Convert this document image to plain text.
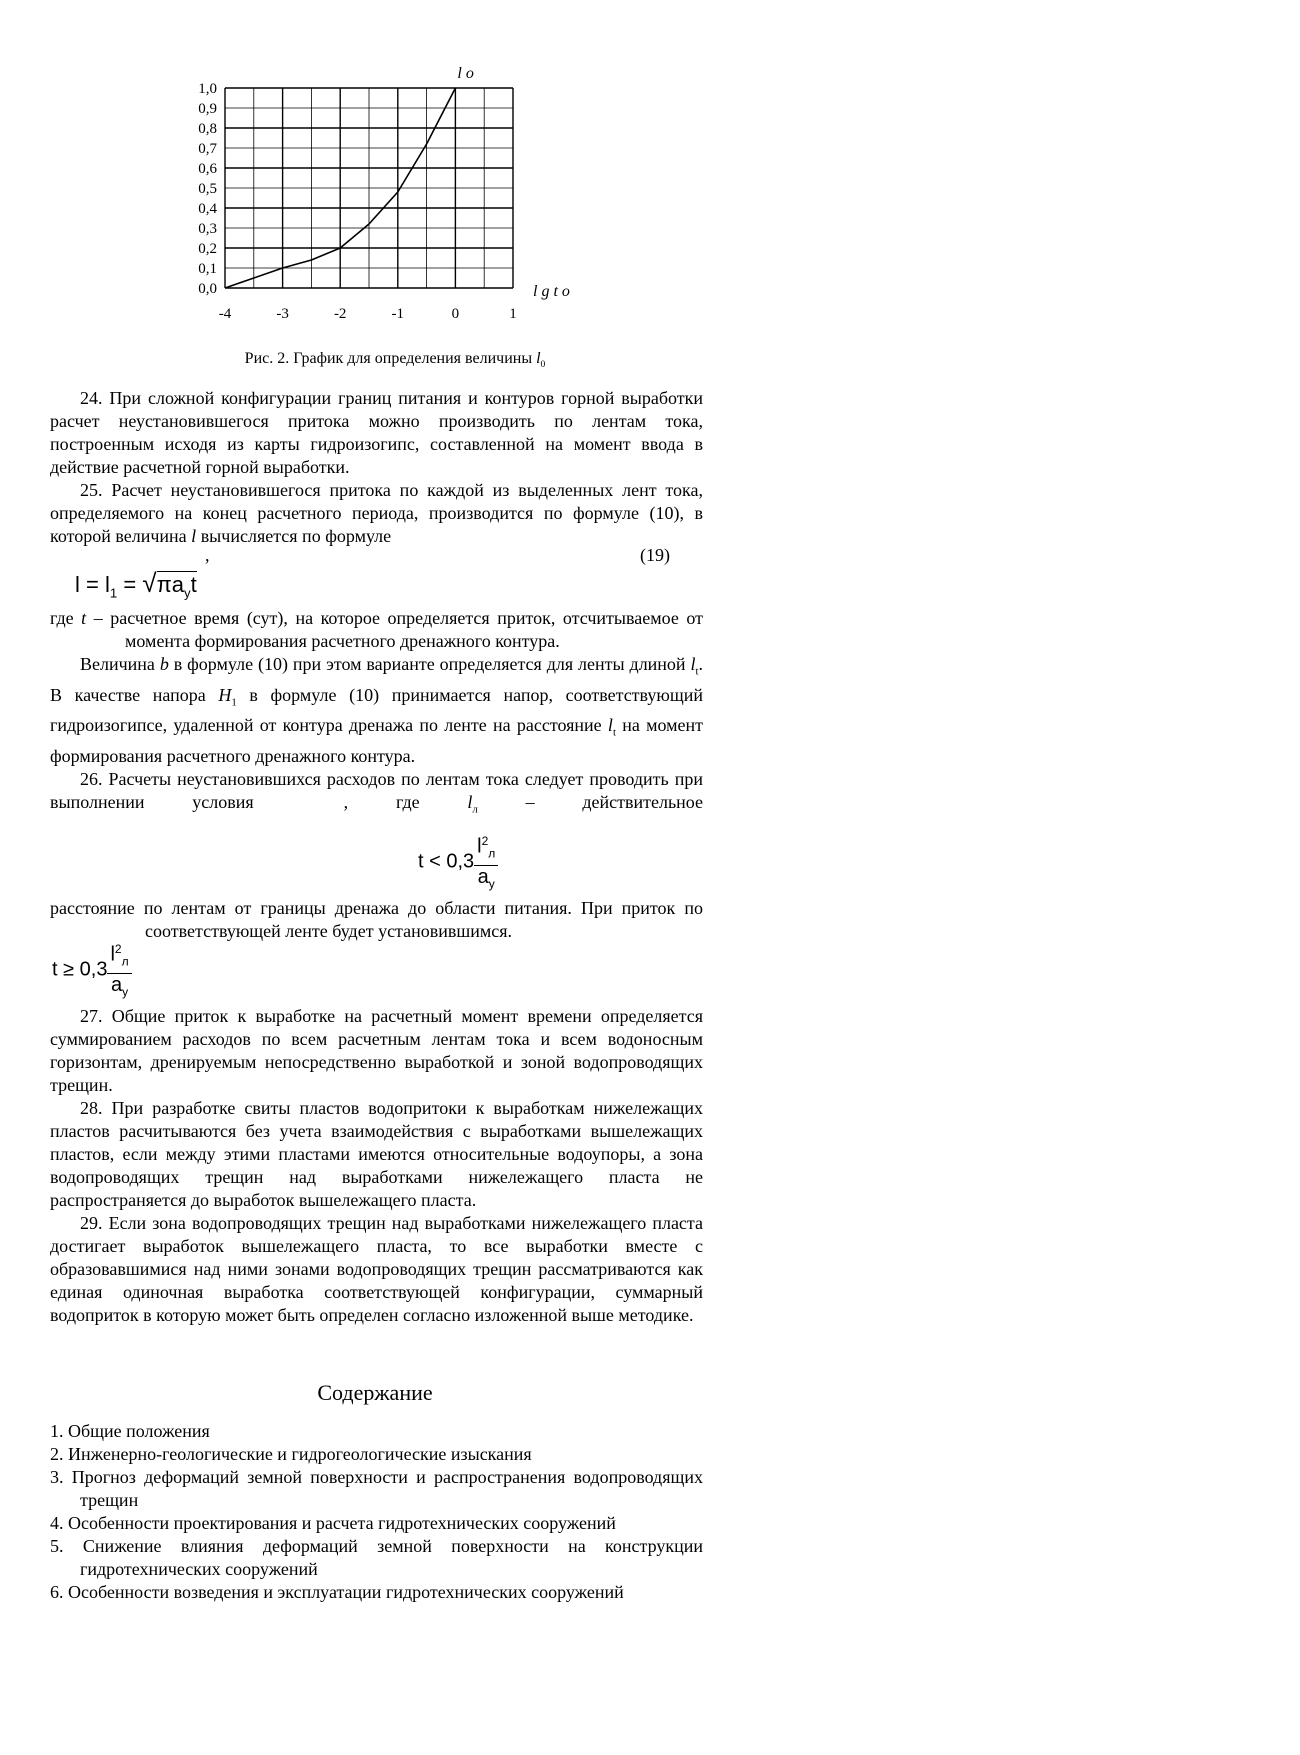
0,0
0,1
0,2
0,3
0,4
0,5
0,6
0,7
0,8
0,9
1,0
-4	-3	-2	-1	0	1
l o
l g t o
Рис. 2. График для определения величины $l_0$

24. При сложной конфигурации границ питания и контуров горной выработки расчет неустановившегося притока можно производить по лентам тока, построенным исходя из карты гидроизогипс, составленной на момент ввода в действие расчетной горной выработки.

25. Расчет неустановившегося притока по каждой из выделенных лент тока, определяемого на конец расчетного периода, производится по формуле (10), в которой величина l вычисляется по формуле

,	(19)
$l = l_1 = √\pi a_уt$

где t – расчетное время (сут), на которое определяется приток, отсчитываемое от момента формирования расчетного дренажного контура.

Величина b в формуле (10) при этом варианте определяется для ленты длиной $l_t$. В качестве напора $H_1$ в формуле (10) принимается напор, соответствующий гидроизогипсе, удаленной от контура дренажа по ленте на расстояние $l_t$ на момент формирования расчетного дренажного контура.

26. Расчеты неустановившихся расходов по лентам тока следует проводить при выполнении условия	, где $l_л$ – действительное

$t < 0,3 \frac{l^2_л}{a_у}$

расстояние по лентам от границы дренажа до области питания. При приток по соответствующей ленте будет установившимся.

$t \ge 0,3 \frac{l^2_л}{a_у}$

27. Общие приток к выработке на расчетный момент времени определяется суммированием расходов по всем расчетным лентам тока и всем водоносным горизонтам, дренируемым непосредственно выработкой и зоной водопроводящих трещин.

28. При разработке свиты пластов водопритоки к выработкам нижележащих пластов расчитываются без учета взаимодействия с выработками вышележащих пластов, если между этими пластами имеются относительные водоупоры, а зона водопроводящих трещин над выработками нижележащего пласта не распространяется до выработок вышележащего пласта.

29. Если зона водопроводящих трещин над выработками нижележащего пласта достигает выработок вышележащего пласта, то все выработки вместе с образовавшимися над ними зонами водопроводящих трещин рассматриваются как единая одиночная выработка соответствующей конфигурации, суммарный водоприток в которую может быть определен согласно изложенной выше методике.

Содержание
1. Общие положения
2. Инженерно-геологические и гидрогеологические изыскания
3. Прогноз деформаций земной поверхности и распространения водопроводящих трещин
4. Особенности проектирования и расчета гидротехнических сооружений
5. Снижение влияния деформаций земной поверхности на конструкции гидротехнических сооружений
6. Особенности возведения и эксплуатации гидротехнических сооружений
